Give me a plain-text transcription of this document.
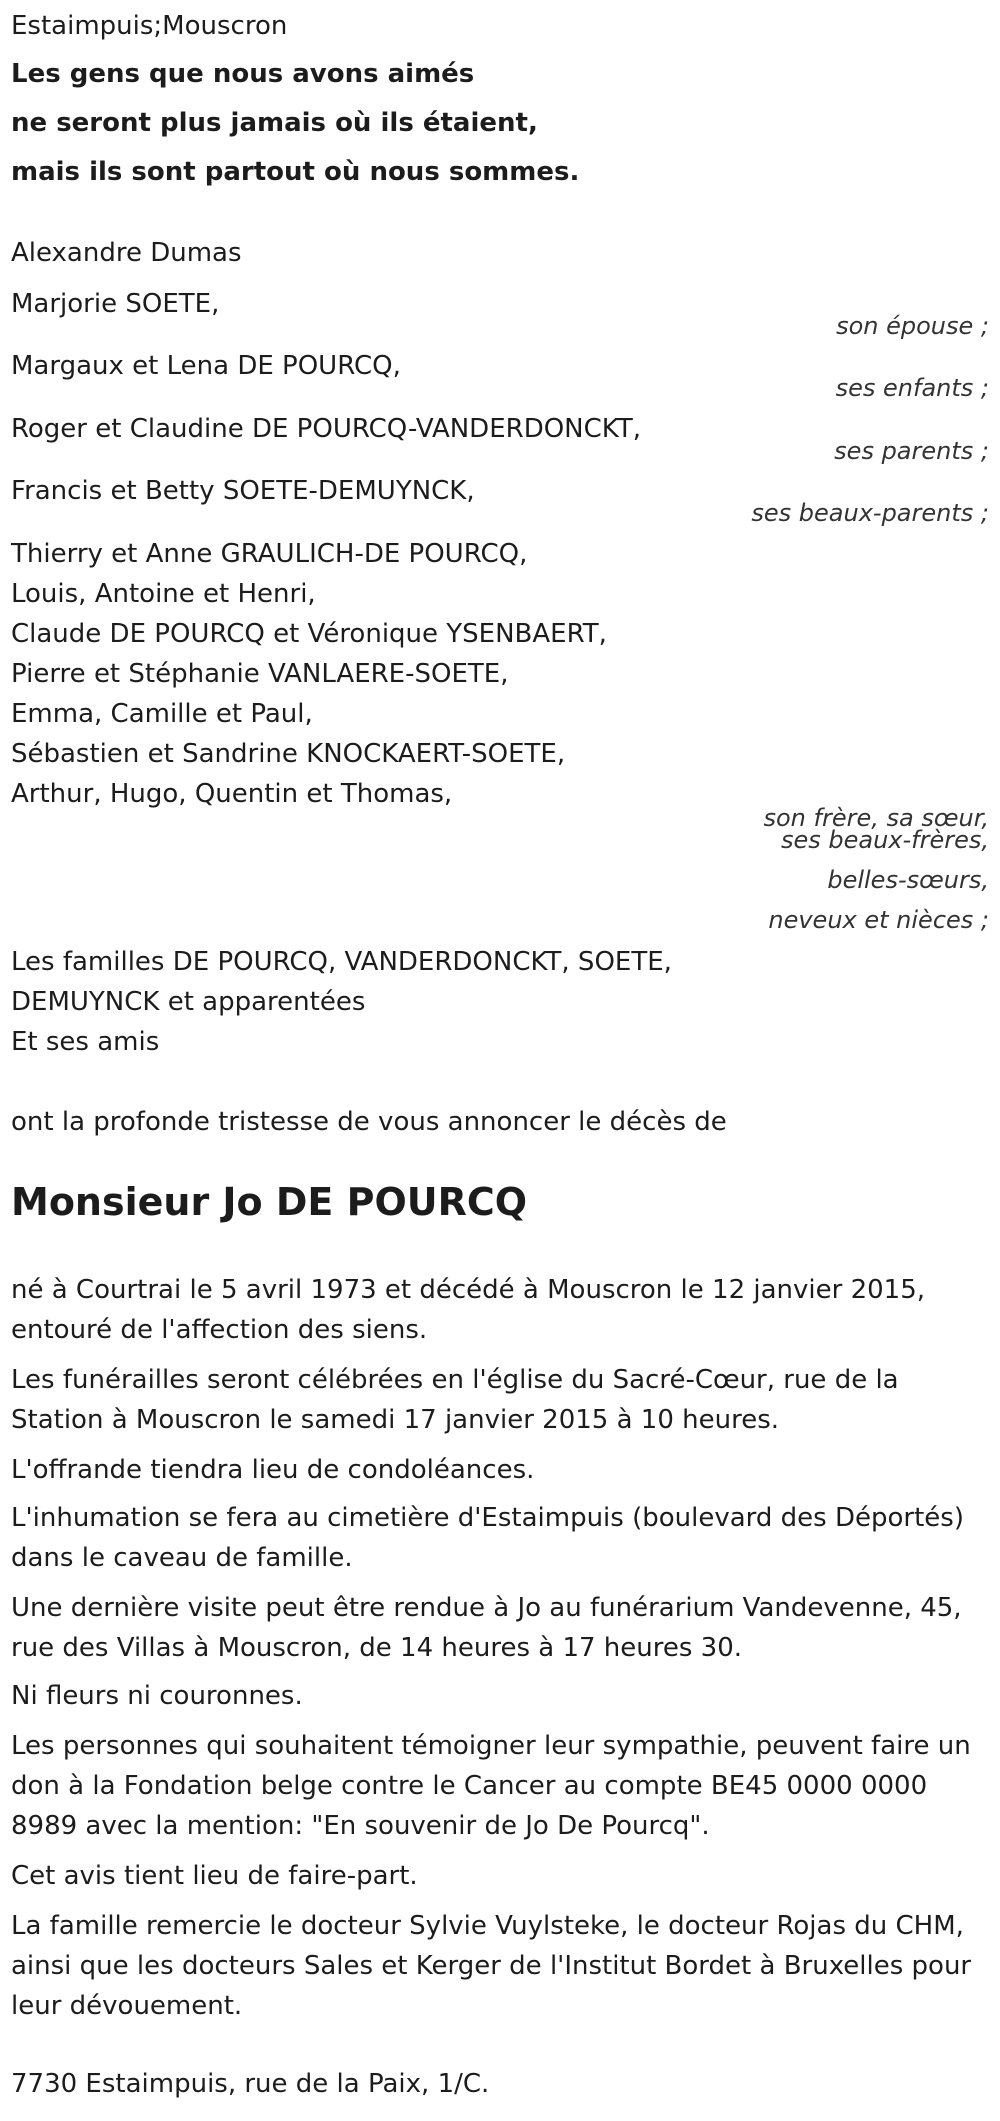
Estaimpuis;Mouscron
Les gens que nous avons aimés
ne seront plus jamais où ils étaient,
mais ils sont partout où nous sommes.
Alexandre Dumas
Marjorie SOETE,
son épouse ;
Margaux et Lena DE POURCQ,
ses enfants ;
Roger et Claudine DE POURCQ-VANDERDONCKT,
ses parents ;
Francis et Betty SOETE-DEMUYNCK,
ses beaux-parents ;
Thierry et Anne GRAULICH-DE POURCQ,
Louis, Antoine et Henri,
Claude DE POURCQ et Véronique YSENBAERT,
Pierre et Stéphanie VANLAERE-SOETE,
Emma, Camille et Paul,
Sébastien et Sandrine KNOCKAERT-SOETE,
Arthur, Hugo, Quentin et Thomas,
son frère, sa sœur,
ses beaux-frères,
belles-sœurs,
neveux et nièces ;
Les familles DE POURCQ, VANDERDONCKT, SOETE,
DEMUYNCK et apparentées
Et ses amis
ont la profonde tristesse de vous annoncer le décès de
Monsieur Jo DE POURCQ
né à Courtrai le 5 avril 1973 et décédé à Mouscron le 12 janvier 2015, entouré de l'affection des siens.
Les funérailles seront célébrées en l'église du Sacré-Cœur, rue de la Station à Mouscron le samedi 17 janvier 2015 à 10 heures.
L'offrande tiendra lieu de condoléances.
L'inhumation se fera au cimetière d'Estaimpuis (boulevard des Déportés) dans le caveau de famille.
Une dernière visite peut être rendue à Jo au funérarium Vandevenne, 45, rue des Villas à Mouscron, de 14 heures à 17 heures 30.
Ni fleurs ni couronnes.
Les personnes qui souhaitent témoigner leur sympathie, peuvent faire un don à la Fondation belge contre le Cancer au compte BE45 0000 0000 8989 avec la mention: "En souvenir de Jo De Pourcq".
Cet avis tient lieu de faire-part.
La famille remercie le docteur Sylvie Vuylsteke, le docteur Rojas du CHM, ainsi que les docteurs Sales et Kerger de l'Institut Bordet à Bruxelles pour leur dévouement.
7730 Estaimpuis, rue de la Paix, 1/C.
